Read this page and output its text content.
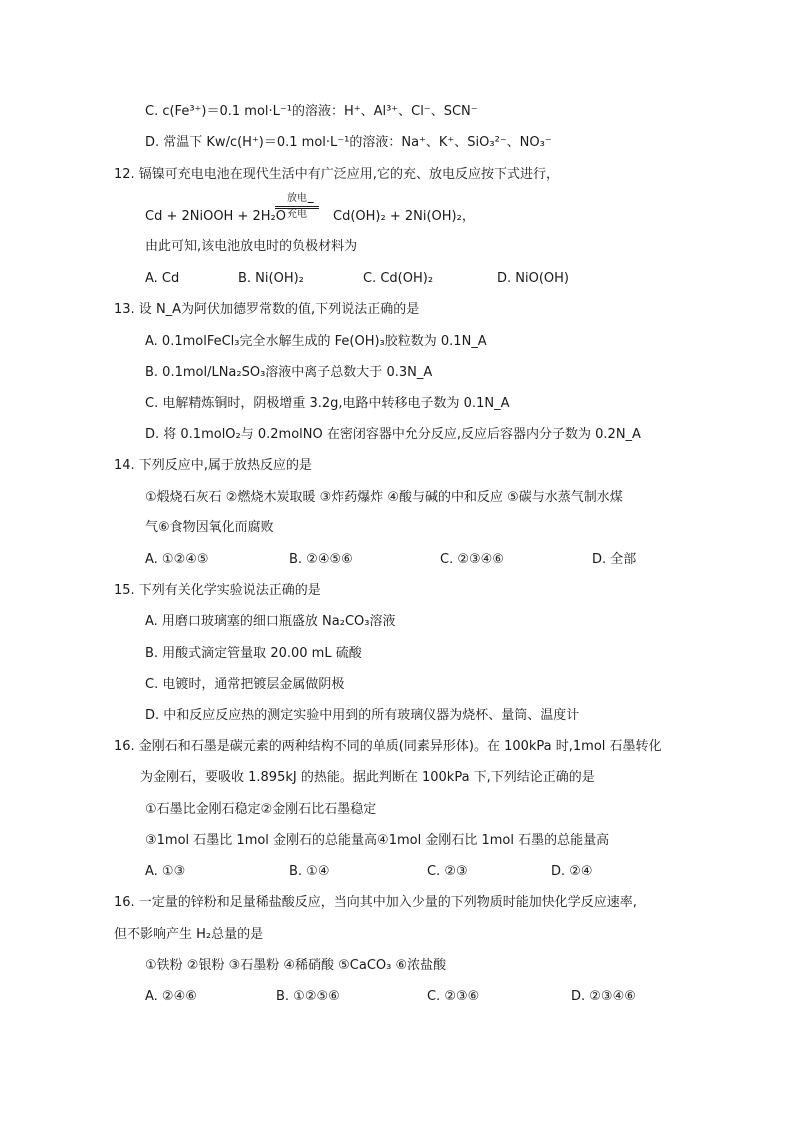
C. c(Fe³⁺)＝0.1 mol·L⁻¹的溶液：H⁺、Al³⁺、Cl⁻、SCN⁻
D. 常温下 Kw/c(H⁺)＝0.1 mol·L⁻¹的溶液：Na⁺、K⁺、SiO₃²⁻、NO₃⁻
12. 镉镍可充电电池在现代生活中有广泛应用,它的充、放电反应按下式进行，
Cd + 2NiOOH + 2H₂O
放电
充电	Cd(OH)₂ + 2Ni(OH)₂，
由此可知,该电池放电时的负极材料为
A. Cd	B. Ni(OH)₂	C. Cd(OH)₂	D. NiO(OH)
13. 设 N_A为阿伏加德罗常数的值,下列说法正确的是
A. 0.1molFeCl₃完全水解生成的 Fe(OH)₃胶粒数为 0.1N_A
B. 0.1mol/LNa₂SO₃溶液中离子总数大于 0.3N_A
C. 电解精炼铜时，阴极增重 3.2g,电路中转移电子数为 0.1N_A
D. 将 0.1molO₂与 0.2molNO 在密闭容器中允分反应,反应后容器内分子数为 0.2N_A
14. 下列反应中,属于放热反应的是
①煅烧石灰石 ②燃烧木炭取暖 ③炸药爆炸 ④酸与碱的中和反应 ⑤碳与水蒸气制水煤
气⑥食物因氧化而腐败
A. ①②④⑤	B. ②④⑤⑥	C. ②③④⑥	D. 全部
15. 下列有关化学实验说法正确的是
A. 用磨口玻璃塞的细口瓶盛放 Na₂CO₃溶液
B. 用酸式滴定管量取 20.00 mL 硫酸
C. 电镀时，通常把镀层金属做阴极
D. 中和反应反应热的测定实验中用到的所有玻璃仪器为烧杯、量筒、温度计
16. 金刚石和石墨是碳元素的两种结构不同的单质(同素异形体)。在 100kPa 时,1mol 石墨转化
为金刚石，要吸收 1.895kJ 的热能。据此判断在 100kPa 下,下列结论正确的是
①石墨比金刚石稳定②金刚石比石墨稳定
③1mol 石墨比 1mol 金刚石的总能量高④1mol 金刚石比 1mol 石墨的总能量高
A. ①③	B. ①④	C. ②③	D. ②④
16. 一定量的锌粉和足量稀盐酸反应，当向其中加入少量的下列物质时能加快化学反应速率,
但不影响产生 H₂总量的是
①铁粉 ②银粉 ③石墨粉 ④稀硝酸 ⑤CaCO₃ ⑥浓盐酸
A. ②④⑥	B. ①②⑤⑥	C. ②③⑥	D. ②③④⑥
